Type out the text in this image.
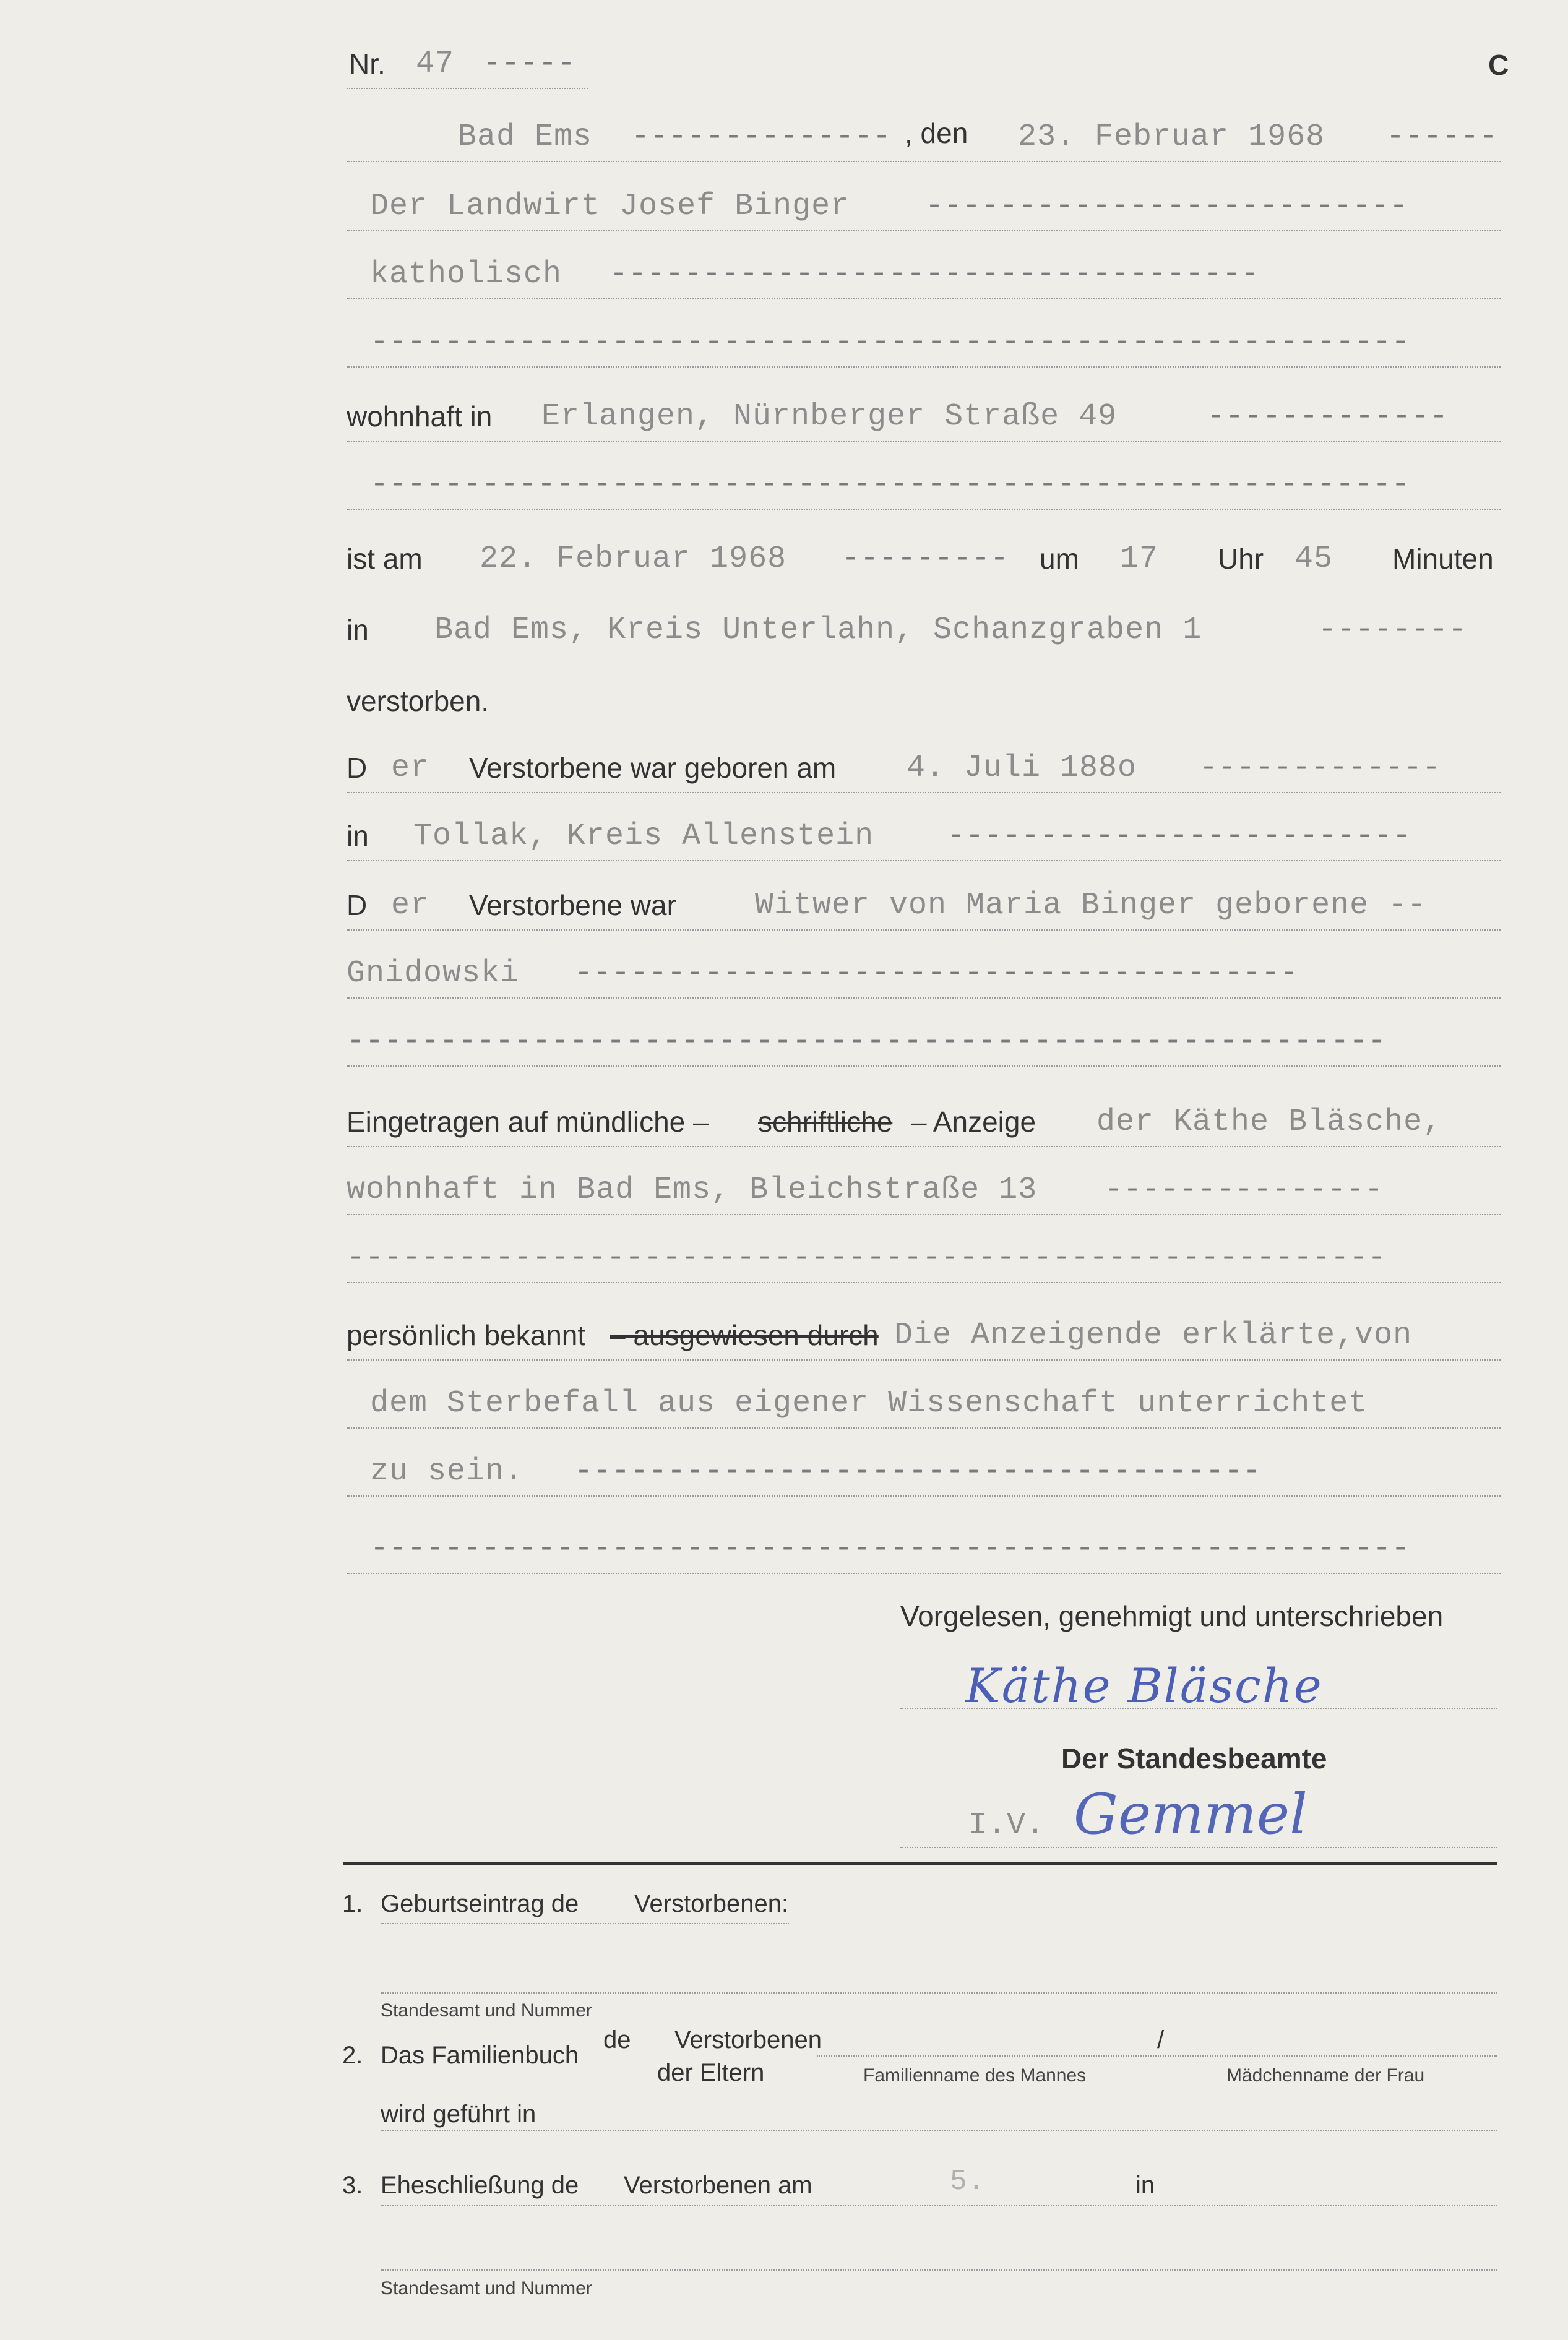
Nr. 47 -----	C
Bad Ems -------------- , den 23. Februar 1968 ------
Der Landwirt Josef Binger --------------------------
katholisch -----------------------------------
--------------------------------------------------------
wohnhaft in Erlangen, Nürnberger Straße 49	-------------
--------------------------------------------------------
ist am 22. Februar 1968 --------- um 17 Uhr 45 Minuten
in Bad Ems, Kreis Unterlahn, Schanzgraben 1	--------
verstorben.
D er Verstorbene war geboren am 4. Juli 188o -------------
in Tollak, Kreis Allenstein -------------------------
D er Verstorbene war	Witwer von Maria Binger geborene --
Gnidowski ---------------------------------------
--------------------------------------------------------
Eingetragen auf mündliche – schriftliche – Anzeige der Käthe Bläsche,
wohnhaft in Bad Ems, Bleichstraße 13 ---------------
--------------------------------------------------------
persönlich bekannt – ausgewiesen durch Die Anzeigende erklärte,von
dem Sterbefall aus eigener Wissenschaft unterrichtet
zu sein. -------------------------------------
--------------------------------------------------------
Vorgelesen, genehmigt und unterschrieben
Käthe Bläsche
Der Standesbeamte
I.V. Gemmel
1. Geburtseintrag de Verstorbenen:
Standesamt und Nummer
2. Das Familienbuch
de Verstorbenen
der Eltern
/
Familienname des Mannes	Mädchenname der Frau
wird geführt in
3. Eheschließung de Verstorbenen am	5.	in
Standesamt und Nummer
